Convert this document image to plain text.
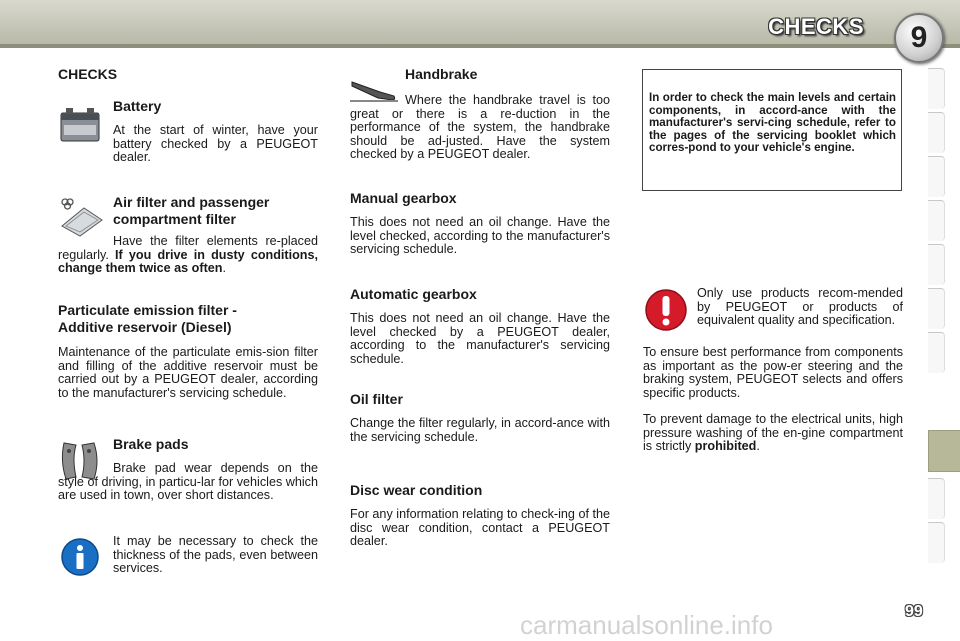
CHECKS	9
CHECKS
Battery

At the start of winter, have your battery checked by a PEUGEOT dealer.

Air filter and passenger
compartment filter

Have the filter elements re-placed regularly. If you drive in dusty conditions, change them twice as often.

Particulate emission filter -
Additive reservoir (Diesel)

Maintenance of the particulate emis-sion filter and filling of the additive reservoir must be carried out by a PEUGEOT dealer, according to the manufacturer's servicing schedule.

Brake pads

Brake pad wear depends on the style of driving, in particu-lar for vehicles which are used in town, over short distances.

It may be necessary to check the thickness of the pads, even between services.

Handbrake

Where the handbrake travel is too great or there is a re-duction in the performance of the system, the handbrake should be ad-justed. Have the system checked by a PEUGEOT dealer.

Manual gearbox

This does not need an oil change. Have the level checked, according to the manufacturer's servicing schedule.

Automatic gearbox

This does not need an oil change. Have the level checked by a PEUGEOT dealer, according to the manufacturer's servicing schedule.

Oil filter

Change the filter regularly, in accord-ance with the servicing schedule.

Disc wear condition

For any information relating to check-ing of the disc wear condition, contact a PEUGEOT dealer.

In order to check the main levels and certain components, in accord-ance with the manufacturer's servi-cing schedule, refer to the pages of the servicing booklet which corres-pond to your vehicle's engine.

Only use products recom-mended by PEUGEOT or products of equivalent quality and specification.

To ensure best performance from components as important as the pow-er steering and the braking system, PEUGEOT selects and offers specific products.

To prevent damage to the electrical units, high pressure washing of the en-gine compartment is strictly prohibited.

carmanualsonline.info	99
